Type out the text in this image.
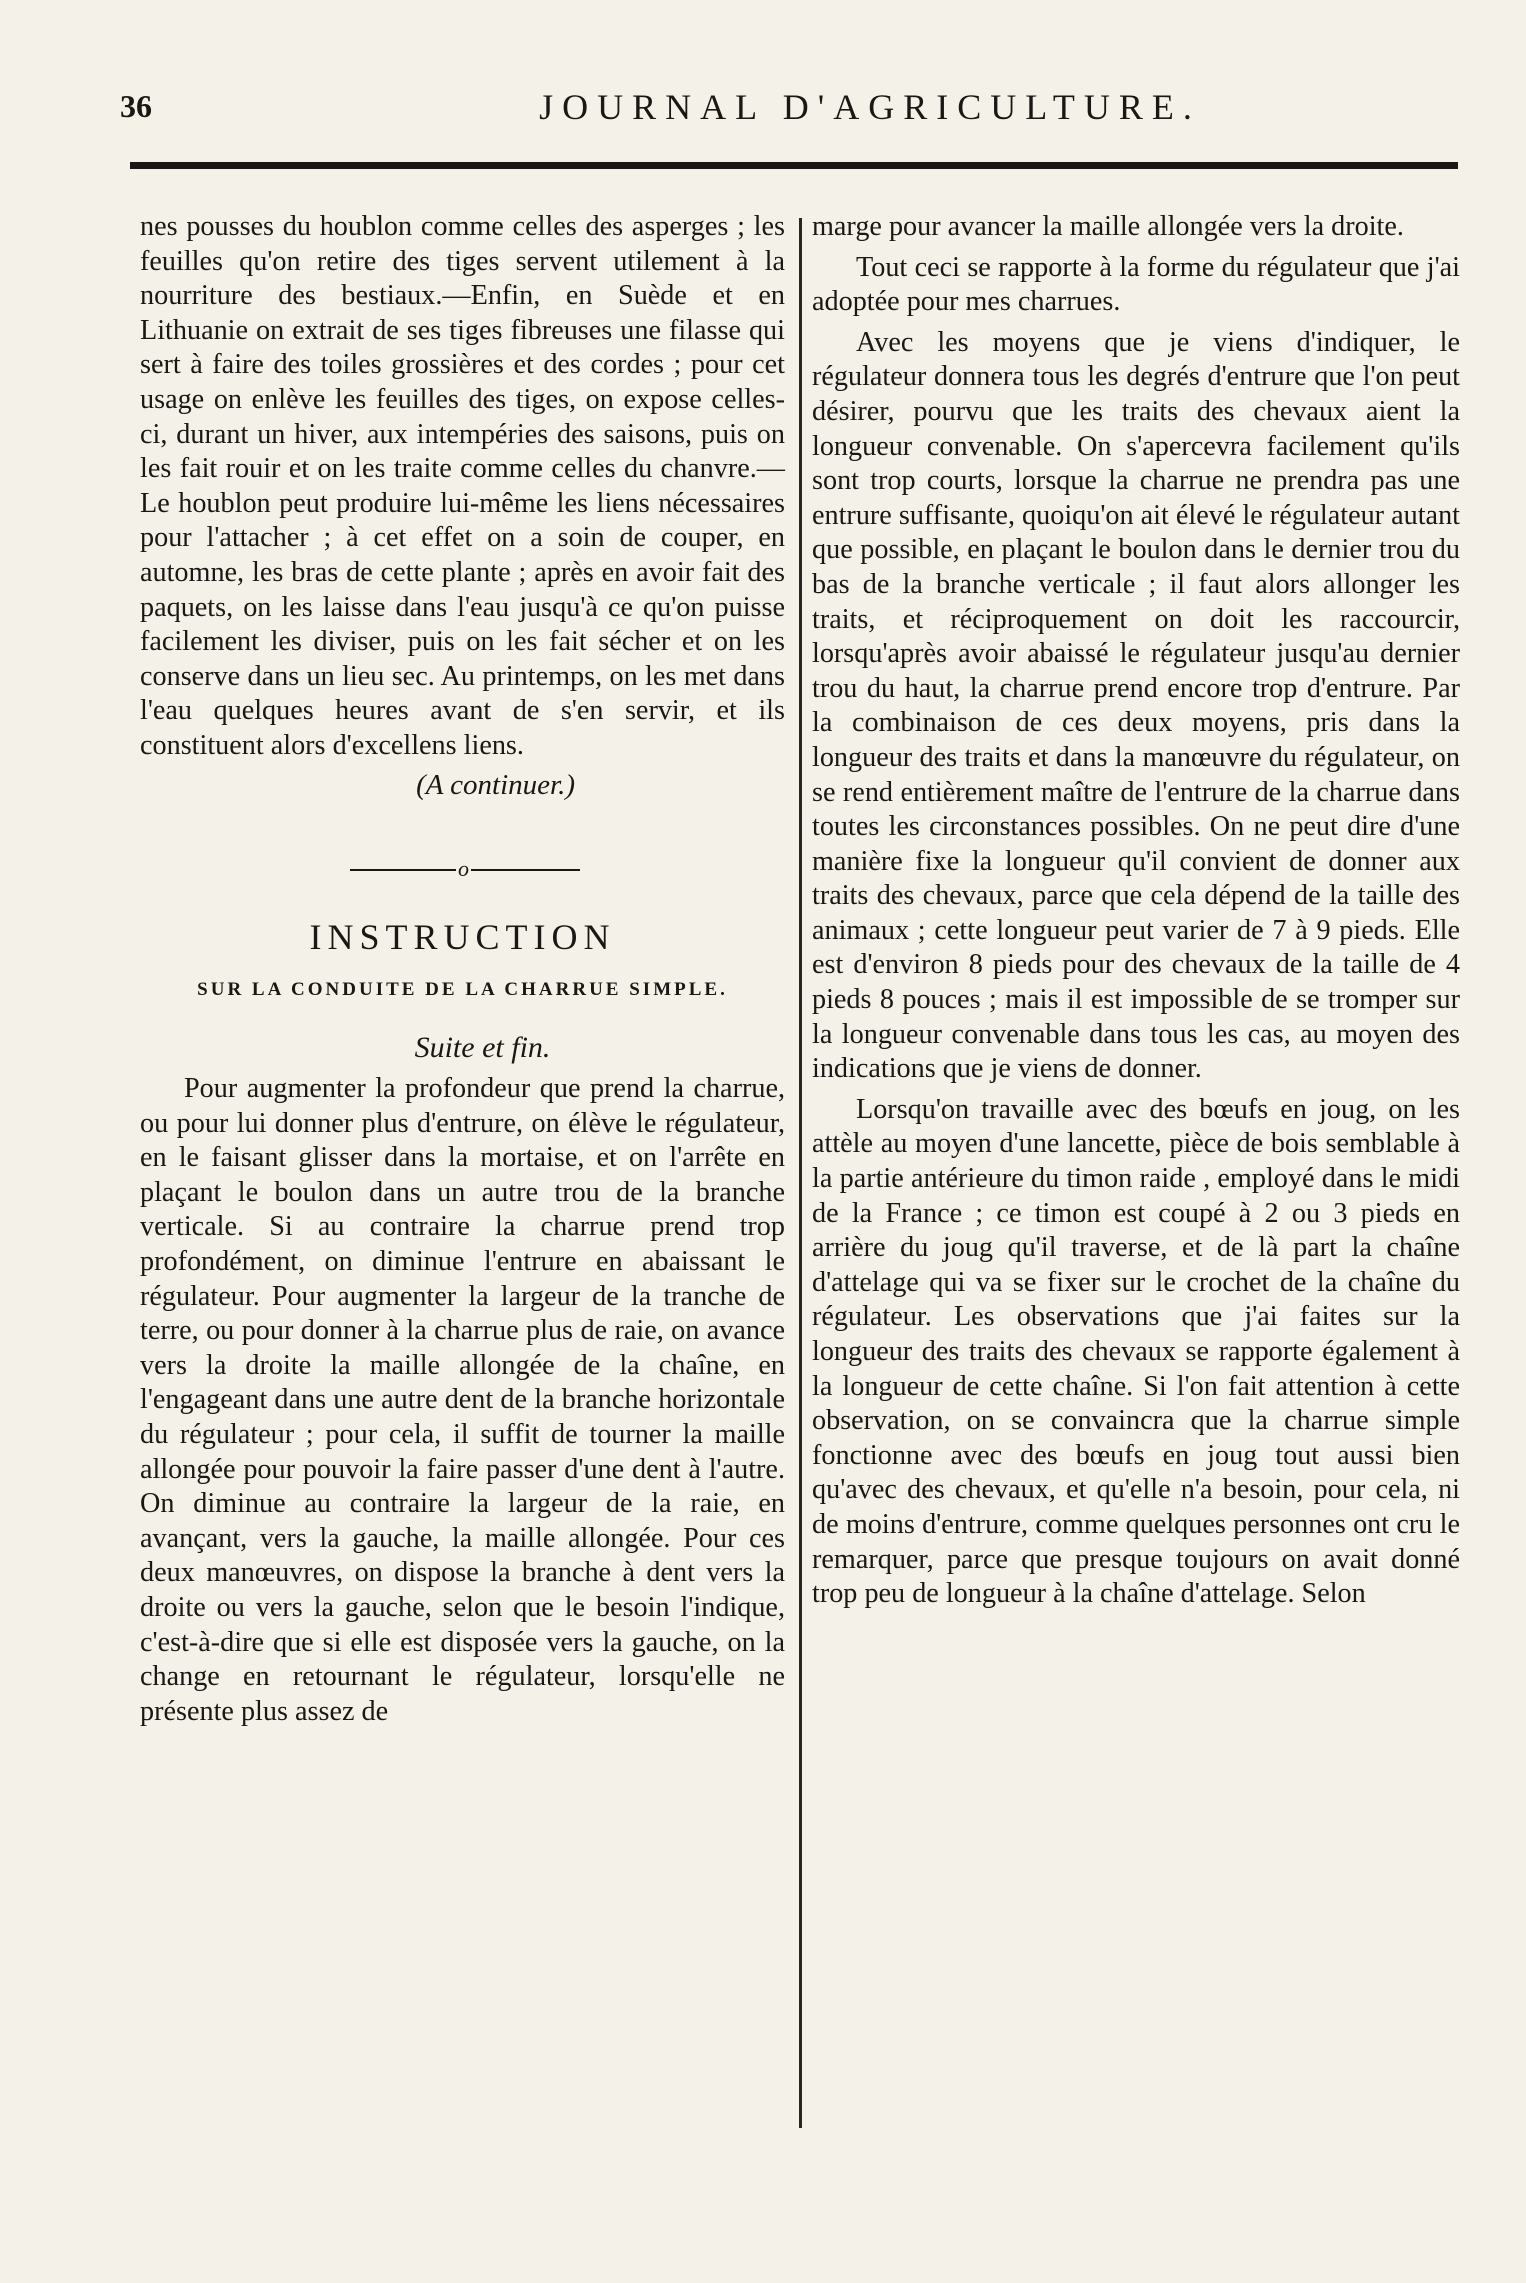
36	JOURNAL D'AGRICULTURE.

nes pousses du houblon comme celles des asperges ; les feuilles qu'on retire des tiges servent utilement à la nourriture des bestiaux.—Enfin, en Suède et en Lithuanie on extrait de ses tiges fibreuses une filasse qui sert à faire des toiles grossières et des cordes ; pour cet usage on enlève les feuilles des tiges, on expose celles-ci, durant un hiver, aux intempéries des saisons, puis on les fait rouir et on les traite comme celles du chanvre.—Le houblon peut produire lui-même les liens nécessaires pour l'attacher ; à cet effet on a soin de couper, en automne, les bras de cette plante ; après en avoir fait des paquets, on les laisse dans l'eau jusqu'à ce qu'on puisse facilement les diviser, puis on les fait sécher et on les conserve dans un lieu sec. Au printemps, on les met dans l'eau quelques heures avant de s'en servir, et ils constituent alors d'excellens liens.

(A continuer.)
o
INSTRUCTION
SUR LA CONDUITE DE LA CHARRUE SIMPLE.
Suite et fin.

Pour augmenter la profondeur que prend la charrue, ou pour lui donner plus d'entrure, on élève le régulateur, en le faisant glisser dans la mortaise, et on l'arrête en plaçant le boulon dans un autre trou de la branche verticale. Si au contraire la charrue prend trop profondément, on diminue l'entrure en abaissant le régulateur. Pour augmenter la largeur de la tranche de terre, ou pour donner à la charrue plus de raie, on avance vers la droite la maille allongée de la chaîne, en l'engageant dans une autre dent de la branche horizontale du régulateur ; pour cela, il suffit de tourner la maille allongée pour pouvoir la faire passer d'une dent à l'autre. On diminue au contraire la largeur de la raie, en avançant, vers la gauche, la maille allongée. Pour ces deux manœuvres, on dispose la branche à dent vers la droite ou vers la gauche, selon que le besoin l'indique, c'est-à-dire que si elle est disposée vers la gauche, on la change en retournant le régulateur, lorsqu'elle ne présente plus assez de

marge pour avancer la maille allongée vers la droite.

Tout ceci se rapporte à la forme du régulateur que j'ai adoptée pour mes charrues.

Avec les moyens que je viens d'indiquer, le régulateur donnera tous les degrés d'entrure que l'on peut désirer, pourvu que les traits des chevaux aient la longueur convenable. On s'apercevra facilement qu'ils sont trop courts, lorsque la charrue ne prendra pas une entrure suffisante, quoiqu'on ait élevé le régulateur autant que possible, en plaçant le boulon dans le dernier trou du bas de la branche verticale ; il faut alors allonger les traits, et réciproquement on doit les raccourcir, lorsqu'après avoir abaissé le régulateur jusqu'au dernier trou du haut, la charrue prend encore trop d'entrure. Par la combinaison de ces deux moyens, pris dans la longueur des traits et dans la manœuvre du régulateur, on se rend entièrement maître de l'entrure de la charrue dans toutes les circonstances possibles. On ne peut dire d'une manière fixe la longueur qu'il convient de donner aux traits des chevaux, parce que cela dépend de la taille des animaux ; cette longueur peut varier de 7 à 9 pieds. Elle est d'environ 8 pieds pour des chevaux de la taille de 4 pieds 8 pouces ; mais il est impossible de se tromper sur la longueur convenable dans tous les cas, au moyen des indications que je viens de donner.

Lorsqu'on travaille avec des bœufs en joug, on les attèle au moyen d'une lancette, pièce de bois semblable à la partie antérieure du timon raide , employé dans le midi de la France ; ce timon est coupé à 2 ou 3 pieds en arrière du joug qu'il traverse, et de là part la chaîne d'attelage qui va se fixer sur le crochet de la chaîne du régulateur. Les observations que j'ai faites sur la longueur des traits des chevaux se rapporte également à la longueur de cette chaîne. Si l'on fait attention à cette observation, on se convaincra que la charrue simple fonctionne avec des bœufs en joug tout aussi bien qu'avec des chevaux, et qu'elle n'a besoin, pour cela, ni de moins d'entrure, comme quelques personnes ont cru le remarquer, parce que presque toujours on avait donné trop peu de longueur à la chaîne d'attelage. Selon
